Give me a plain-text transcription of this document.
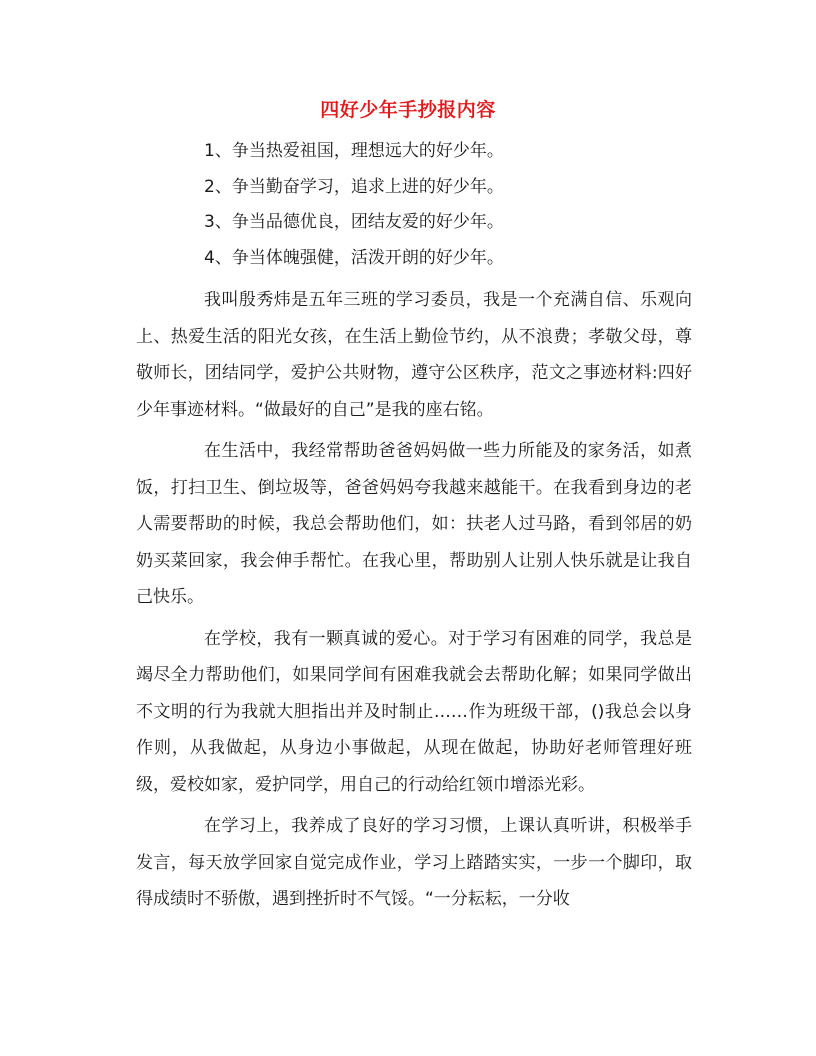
四好少年手抄报内容
1、争当热爱祖国，理想远大的好少年。
2、争当勤奋学习，追求上进的好少年。
3、争当品德优良，团结友爱的好少年。
4、争当体魄强健，活泼开朗的好少年。

我叫殷秀炜是五年三班的学习委员，我是一个充满自信、乐观向上、热爱生活的阳光女孩，在生活上勤俭节约，从不浪费；孝敬父母，尊敬师长，团结同学，爱护公共财物，遵守公区秩序，范文之事迹材料:四好少年事迹材料。“做最好的自己”是我的座右铭。

在生活中，我经常帮助爸爸妈妈做一些力所能及的家务活，如煮饭，打扫卫生、倒垃圾等，爸爸妈妈夸我越来越能干。在我看到身边的老人需要帮助的时候，我总会帮助他们，如：扶老人过马路，看到邻居的奶奶买菜回家，我会伸手帮忙。在我心里，帮助别人让别人快乐就是让我自己快乐。

在学校，我有一颗真诚的爱心。对于学习有困难的同学，我总是竭尽全力帮助他们，如果同学间有困难我就会去帮助化解；如果同学做出不文明的行为我就大胆指出并及时制止……作为班级干部，()我总会以身作则，从我做起，从身边小事做起，从现在做起，协助好老师管理好班级，爱校如家，爱护同学，用自己的行动给红领巾增添光彩。

在学习上，我养成了良好的学习习惯，上课认真听讲，积极举手发言，每天放学回家自觉完成作业，学习上踏踏实实，一步一个脚印，取得成绩时不骄傲，遇到挫折时不气馁。“一分耘耘，一分收
